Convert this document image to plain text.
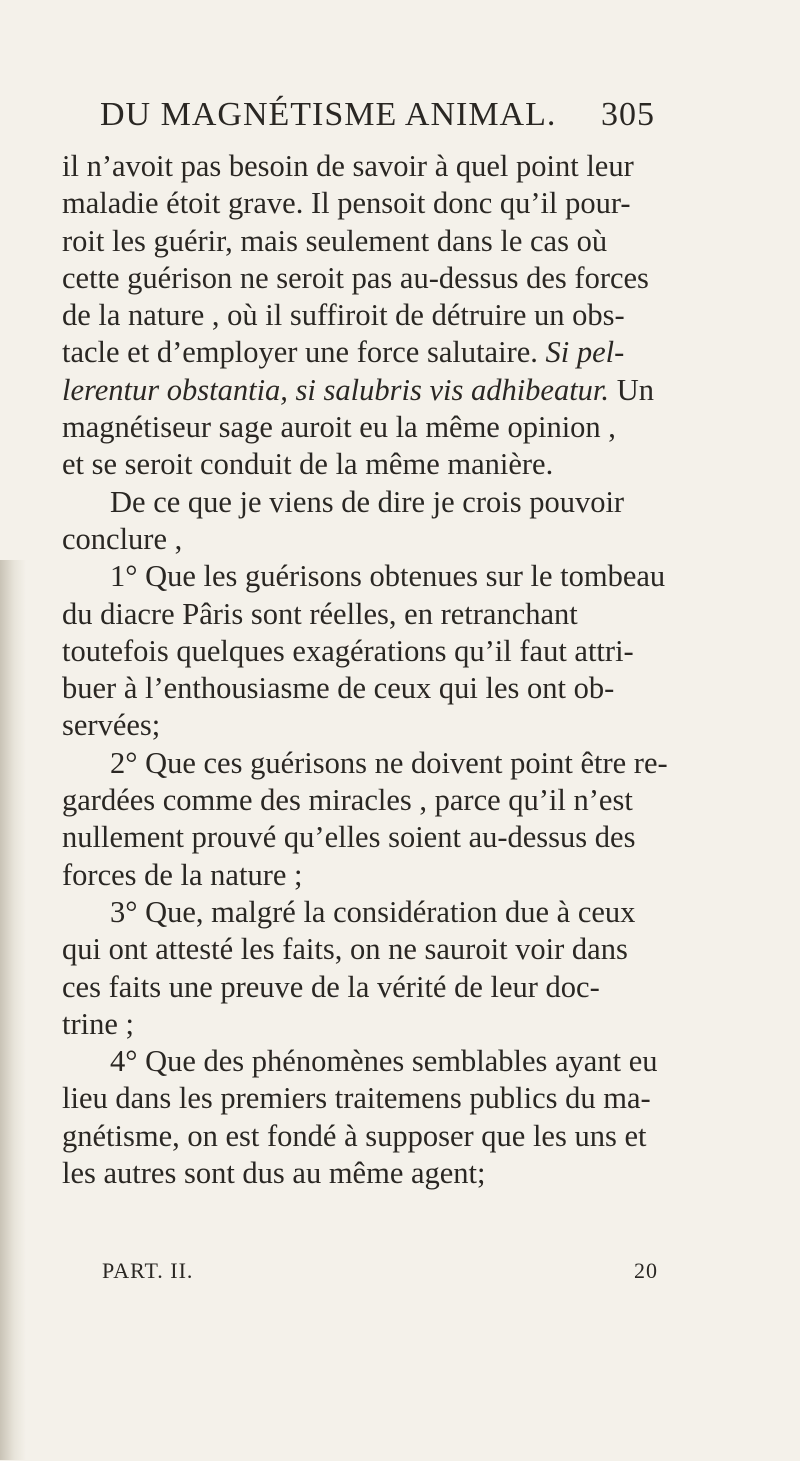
DU MAGNÉTISME ANIMAL. 305

il n’avoit pas besoin de savoir à quel point leur
maladie étoit grave. Il pensoit donc qu’il pour-
roit les guérir, mais seulement dans le cas où
cette guérison ne seroit pas au-dessus des forces
de la nature , où il suffiroit de détruire un obs-
tacle et d’employer une force salutaire. Si pel-
lerentur obstantia, si salubris vis adhibeatur. Un
magnétiseur sage auroit eu la même opinion ,
et se seroit conduit de la même manière.
De ce que je viens de dire je crois pouvoir
conclure ,
1° Que les guérisons obtenues sur le tombeau
du diacre Pâris sont réelles, en retranchant
toutefois quelques exagérations qu’il faut attri-
buer à l’enthousiasme de ceux qui les ont ob-
servées;
2° Que ces guérisons ne doivent point être re-
gardées comme des miracles , parce qu’il n’est
nullement prouvé qu’elles soient au-dessus des
forces de la nature ;
3° Que, malgré la considération due à ceux
qui ont attesté les faits, on ne sauroit voir dans
ces faits une preuve de la vérité de leur doc-
trine ;
4° Que des phénomènes semblables ayant eu
lieu dans les premiers traitemens publics du ma-
gnétisme, on est fondé à supposer que les uns et
les autres sont dus au même agent;

PART. II.	20
